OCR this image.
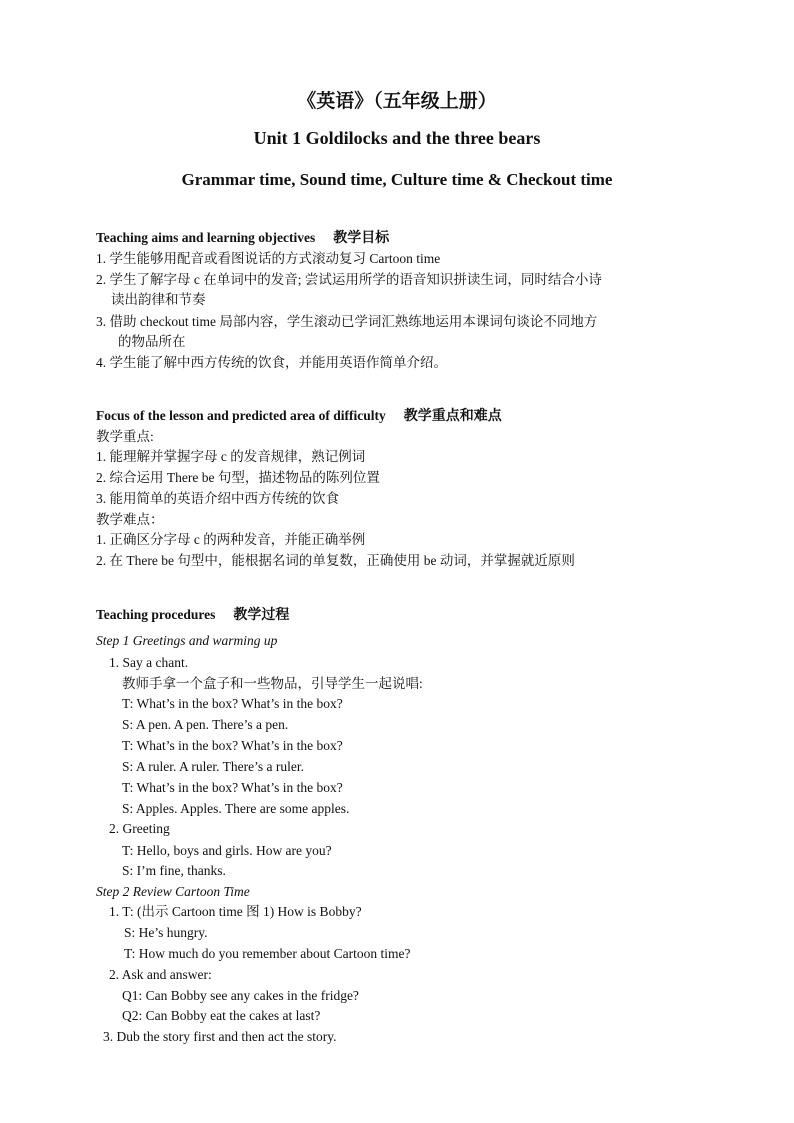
《英语》（五年级上册）
Unit 1 Goldilocks and the three bears
Grammar time, Sound time, Culture time & Checkout time
Teaching aims and learning objectives 教学目标
1. 学生能够用配音或看图说话的方式滚动复习 Cartoon time
2. 学生了解字母 c 在单词中的发音; 尝试运用所学的语音知识拼读生词，同时结合小诗
读出韵律和节奏
3. 借助 checkout time 局部内容，学生滚动已学词汇熟练地运用本课词句谈论不同地方
的物品所在
4. 学生能了解中西方传统的饮食，并能用英语作简单介绍。
Focus of the lesson and predicted area of difficulty 教学重点和难点
教学重点:
1. 能理解并掌握字母 c 的发音规律，熟记例词
2. 综合运用 There be 句型，描述物品的陈列位置
3. 能用简单的英语介绍中西方传统的饮食
教学难点：
1. 正确区分字母 c 的两种发音，并能正确举例
2. 在 There be 句型中，能根据名词的单复数，正确使用 be 动词，并掌握就近原则
Teaching procedures 教学过程
Step 1 Greetings and warming up
1. Say a chant.
教师手拿一个盒子和一些物品，引导学生一起说唱:
T: What’s in the box? What’s in the box?
S: A pen. A pen. There’s a pen.
T: What’s in the box? What’s in the box?
S: A ruler. A ruler. There’s a ruler.
T: What’s in the box? What’s in the box?
S: Apples. Apples. There are some apples.
2. Greeting
T: Hello, boys and girls. How are you?
S: I’m fine, thanks.
Step 2 Review Cartoon Time
1. T: (出示 Cartoon time 图 1) How is Bobby?
S: He’s hungry.
T: How much do you remember about Cartoon time?
2. Ask and answer:
Q1: Can Bobby see any cakes in the fridge?
Q2: Can Bobby eat the cakes at last?
3. Dub the story first and then act the story.
